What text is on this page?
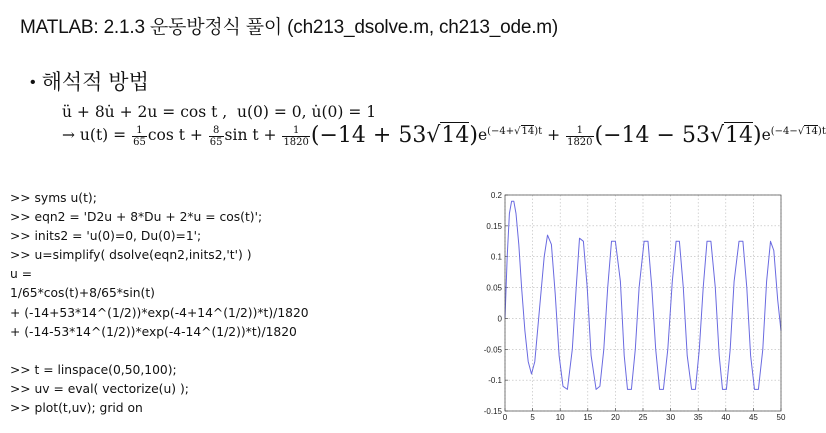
MATLAB: 2.1.3 운동방정식 풀이 (ch213_dsolve.m, ch213_ode.m)
• 해석적 방법
ü + 8u̇ + 2u = cos t , u(0) = 0, u̇(0) = 1
→ $u(t) = \frac{1}{65}$ $\cos t + \frac{8}{65}$ $\sin t + \frac{1}{1820} (-14 + 53√14)e^{(-4+√14)t} + \frac{1}{1820} (-14 - 53√14)e^{(-4-√14)t}$
>> syms u(t);
>> eqn2 = 'D2u + 8*Du + 2*u = cos(t)';
>> inits2 = 'u(0)=0, Du(0)=1';
>> u=simplify( dsolve(eqn2,inits2,'t') )
u =
1/65*cos(t)+8/65*sin(t)
+ (-14+53*14^(1/2))*exp(-4+14^(1/2))*t)/1820
+ (-14-53*14^(1/2))*exp(-4-14^(1/2))*t)/1820
>> t = linspace(0,50,100);
>> uv = eval( vectorize(u) );
>> plot(t,uv); grid on
0	5	10 15 20 25 30 35 40 45 50
0.2
0.15
0.1
0.05
0
-0.05
-0.1
-0.15
